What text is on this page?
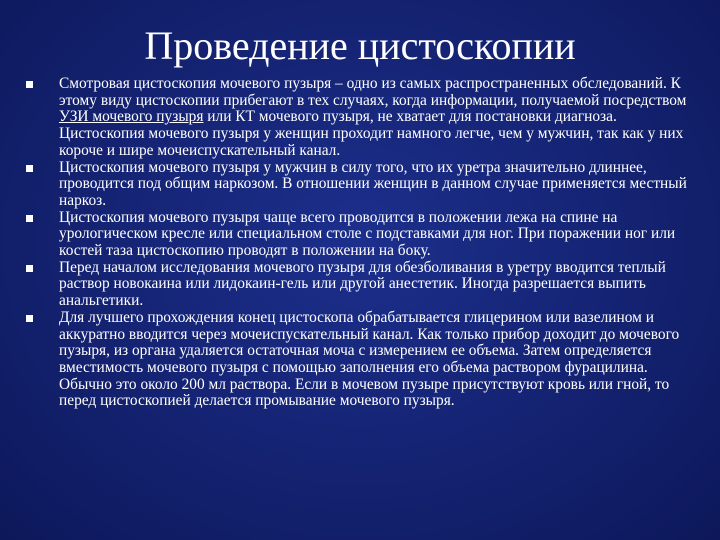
Проведение цистоскопии
Смотровая цистоскопия мочевого пузыря – одно из самых распространенных обследований. К этому виду цистоскопии прибегают в тех случаях, когда информации, получаемой посредством УЗИ мочевого пузыря или КТ мочевого пузыря, не хватает для постановки диагноза. Цистоскопия мочевого пузыря у женщин проходит намного легче, чем у мужчин, так как у них короче и шире мочеиспускательный канал.
Цистоскопия мочевого пузыря у мужчин в силу того, что их уретра значительно длиннее, проводится под общим наркозом. В отношении женщин в данном случае применяется местный наркоз.
Цистоскопия мочевого пузыря чаще всего проводится в положении лежа на спине на урологическом кресле или специальном столе с подставками для ног. При поражении ног или костей таза цистоскопию проводят в положении на боку.
Перед началом исследования мочевого пузыря для обезболивания в уретру вводится теплый раствор новокаина или лидокаин-гель или другой анестетик. Иногда разрешается выпить анальгетики.
Для лучшего прохождения конец цистоскопа обрабатывается глицерином или вазелином и аккуратно вводится через мочеиспускательный канал. Как только прибор доходит до мочевого пузыря, из органа удаляется остаточная моча с измерением ее объема. Затем определяется вместимость мочевого пузыря с помощью заполнения его объема раствором фурацилина. Обычно это около 200 мл раствора. Если в мочевом пузыре присутствуют кровь или гной, то перед цистоскопией делается промывание мочевого пузыря.
